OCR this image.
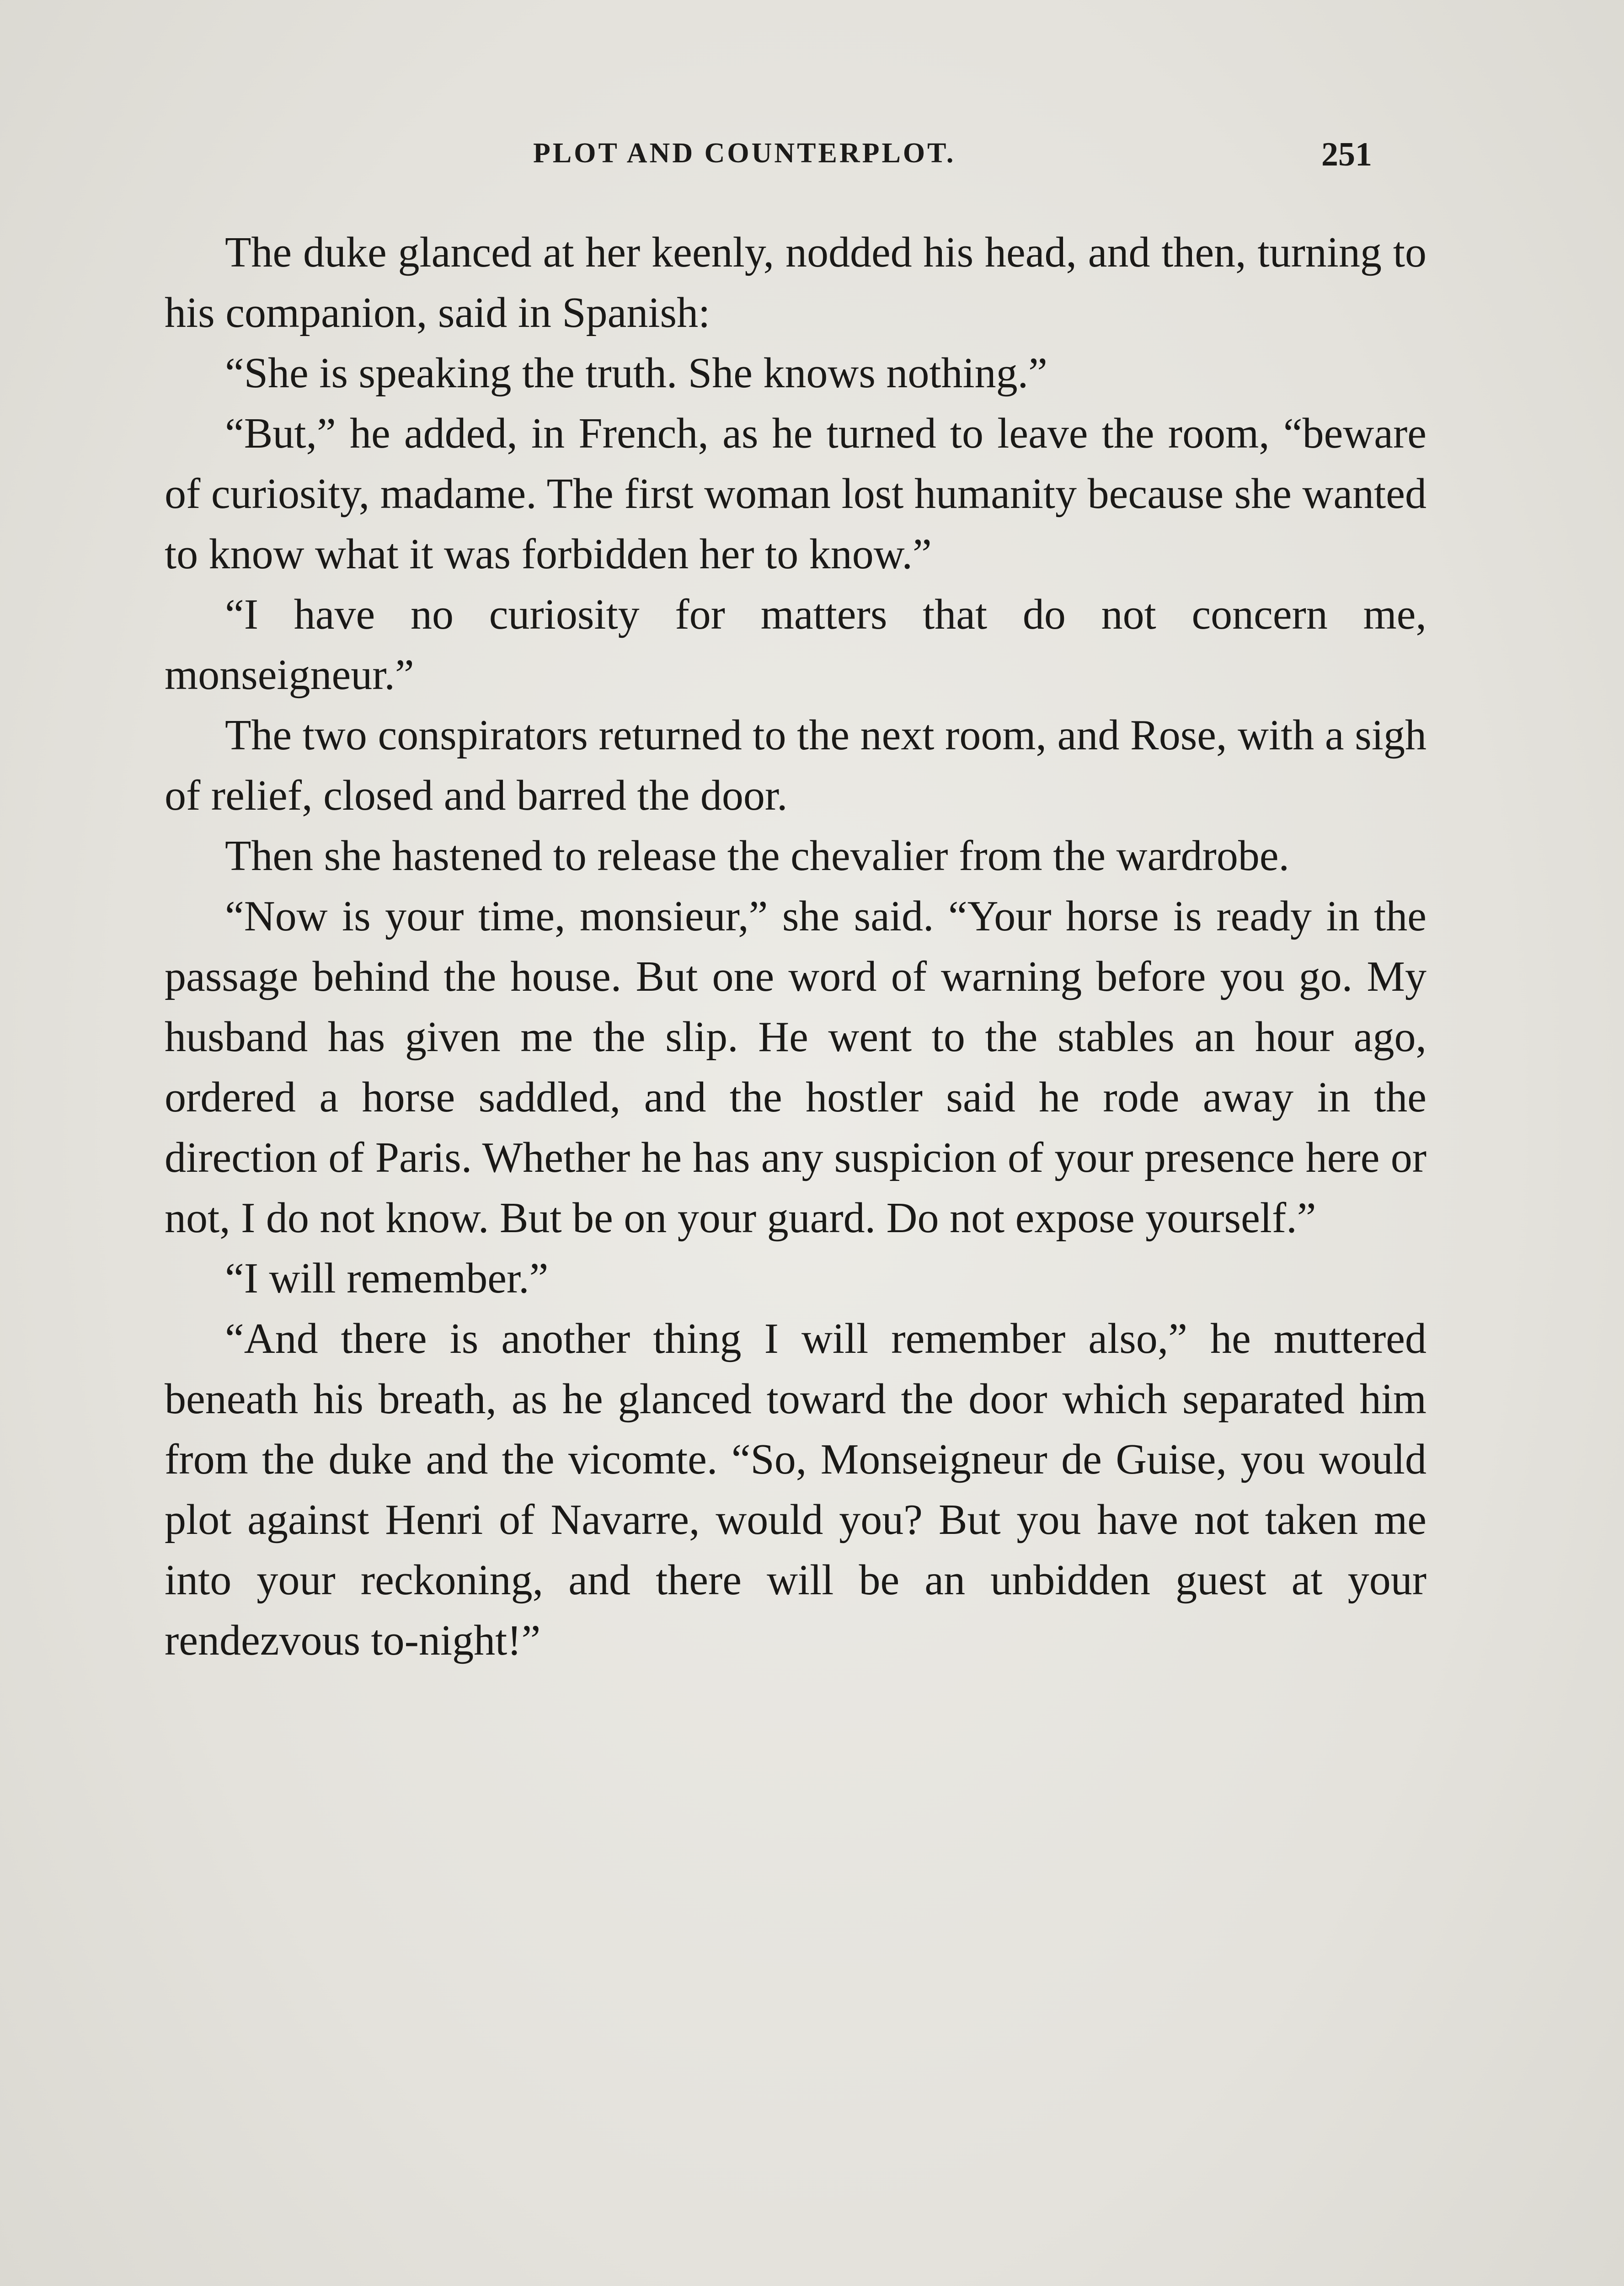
PLOT AND COUNTERPLOT.	251

The duke glanced at her keenly, nodded his head, and then, turning to his companion, said in Spanish:

“She is speaking the truth. She knows nothing.”

“But,” he added, in French, as he turned to leave the room, “beware of curiosity, madame. The first woman lost humanity because she wanted to know what it was forbidden her to know.”

“I have no curiosity for matters that do not concern me, monseigneur.”

The two conspirators returned to the next room, and Rose, with a sigh of relief, closed and barred the door.

Then she hastened to release the chevalier from the wardrobe.

“Now is your time, monsieur,” she said. “Your horse is ready in the passage behind the house. But one word of warning before you go. My husband has given me the slip. He went to the stables an hour ago, ordered a horse saddled, and the hostler said he rode away in the direction of Paris. Whether he has any suspicion of your presence here or not, I do not know. But be on your guard. Do not expose yourself.”

“I will remember.”

“And there is another thing I will remember also,” he muttered beneath his breath, as he glanced toward the door which separated him from the duke and the vicomte. “So, Monseigneur de Guise, you would plot against Henri of Navarre, would you? But you have not taken me into your reckoning, and there will be an unbidden guest at your rendezvous to-night!”
